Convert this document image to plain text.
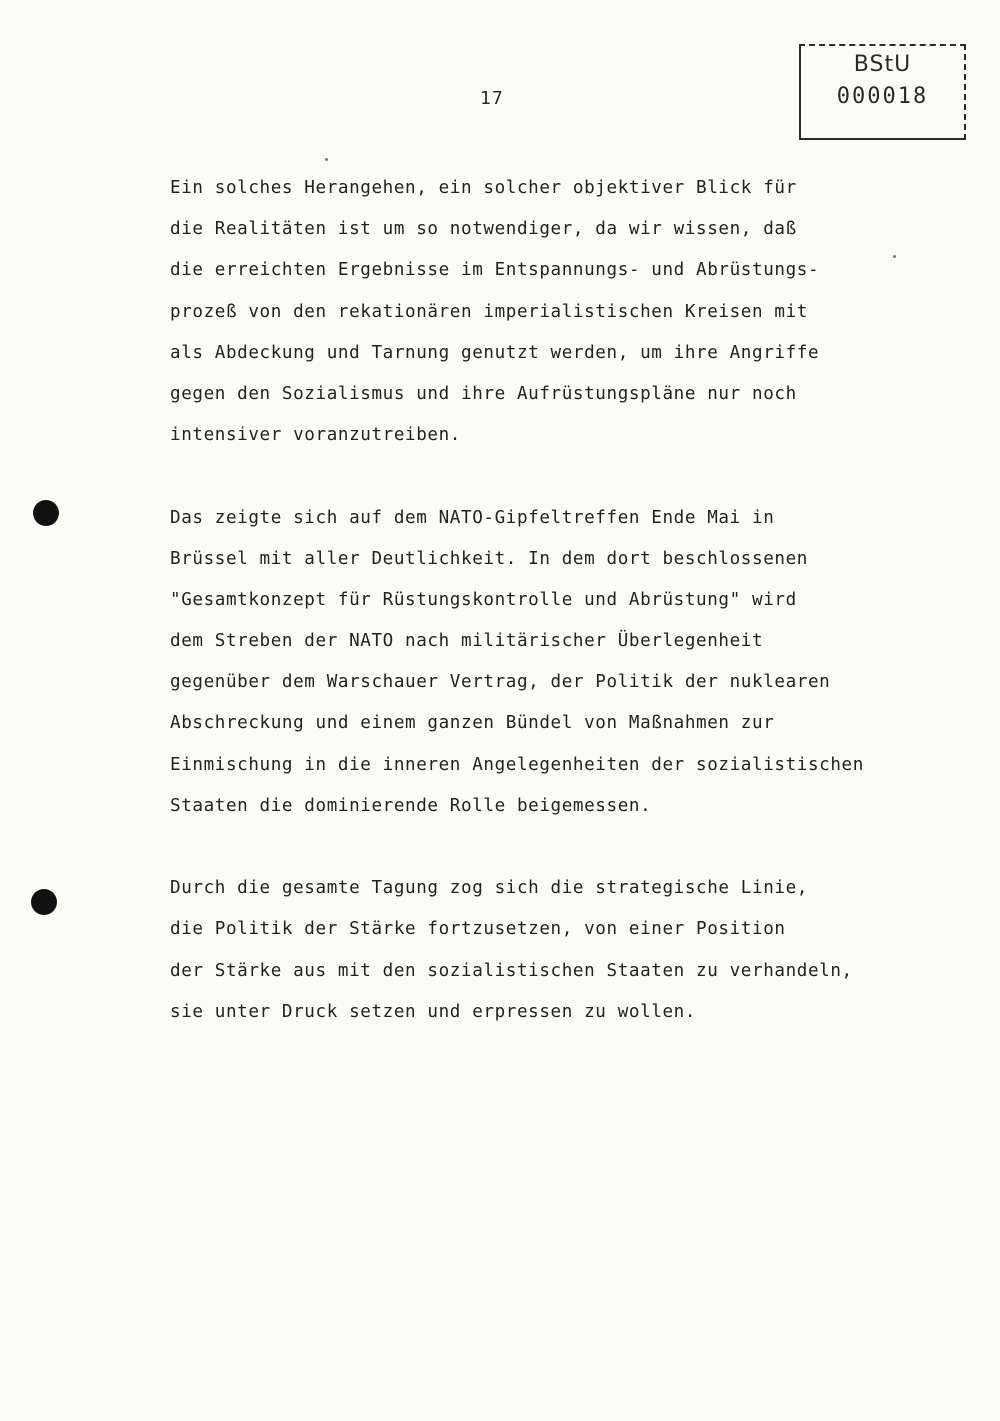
17
BStU
000018
Ein solches Herangehen, ein solcher objektiver Blick für
die Realitäten ist um so notwendiger, da wir wissen, daß
die erreichten Ergebnisse im Entspannungs- und Abrüstungs-
prozeß von den rekationären imperialistischen Kreisen mit
als Abdeckung und Tarnung genutzt werden, um ihre Angriffe
gegen den Sozialismus und ihre Aufrüstungspläne nur noch
intensiver voranzutreiben.
Das zeigte sich auf dem NATO-Gipfeltreffen Ende Mai in
Brüssel mit aller Deutlichkeit. In dem dort beschlossenen
"Gesamtkonzept für Rüstungskontrolle und Abrüstung" wird
dem Streben der NATO nach militärischer Überlegenheit
gegenüber dem Warschauer Vertrag, der Politik der nuklearen
Abschreckung und einem ganzen Bündel von Maßnahmen zur
Einmischung in die inneren Angelegenheiten der sozialistischen
Staaten die dominierende Rolle beigemessen.
Durch die gesamte Tagung zog sich die strategische Linie,
die Politik der Stärke fortzusetzen, von einer Position
der Stärke aus mit den sozialistischen Staaten zu verhandeln,
sie unter Druck setzen und erpressen zu wollen.
